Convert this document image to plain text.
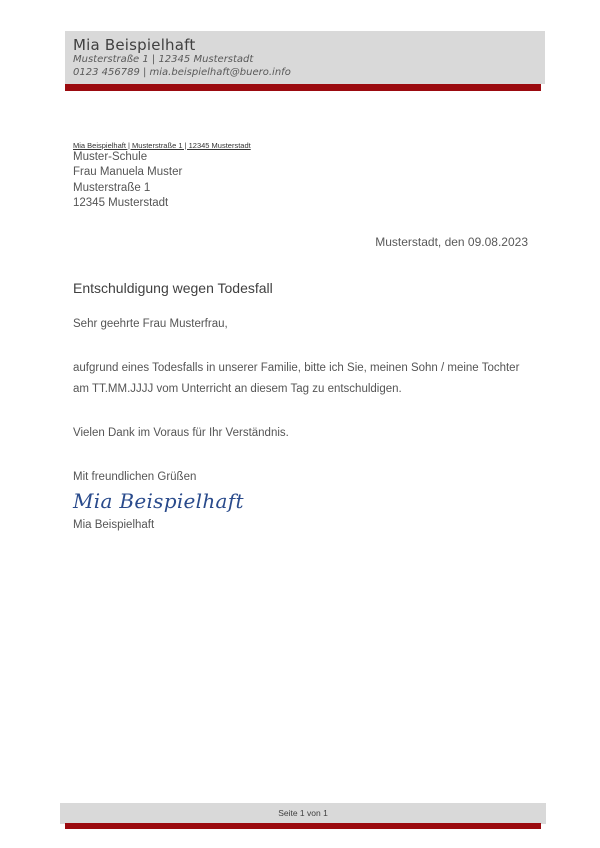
Mia Beispielhaft
Musterstraße 1 | 12345 Musterstadt
0123 456789 | mia.beispielhaft@buero.info
Mia Beispielhaft | Musterstraße 1 | 12345 Musterstadt
Muster-Schule
Frau Manuela Muster
Musterstraße 1
12345 Musterstadt
Musterstadt, den 09.08.2023
Entschuldigung wegen Todesfall
Sehr geehrte Frau Musterfrau,
aufgrund eines Todesfalls in unserer Familie, bitte ich Sie, meinen Sohn / meine Tochter
am TT.MM.JJJJ vom Unterricht an diesem Tag zu entschuldigen.
Vielen Dank im Voraus für Ihr Verständnis.
Mit freundlichen Grüßen
Mia Beispielhaft
Mia Beispielhaft
Seite 1 von 1
